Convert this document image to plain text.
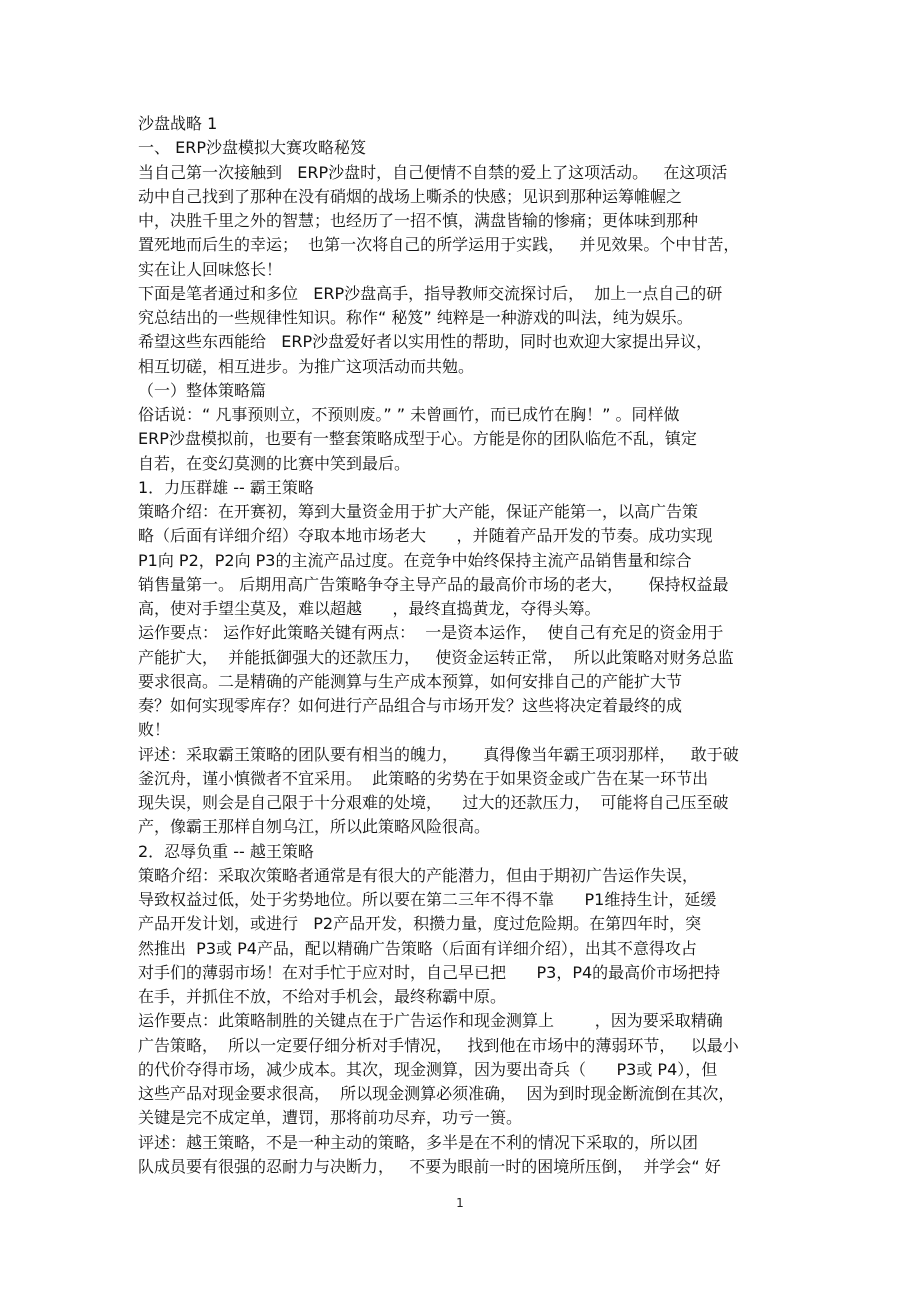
沙盘战略 1
一、 ERP沙盘模拟大赛攻略秘笈
当自己第一次接触到   ERP沙盘时，自己便情不自禁的爱上了这项活动。   在这项活
动中自己找到了那种在没有硝烟的战场上嘶杀的快感；见识到那种运筹帷幄之
中，决胜千里之外的智慧；也经历了一招不慎，满盘皆输的惨痛；更体味到那种
置死地而后生的幸运；  也第一次将自己的所学运用于实践，   并见效果。个中甘苦，
实在让人回味悠长！
下面是笔者通过和多位   ERP沙盘高手，指导教师交流探讨后，  加上一点自己的研
究总结出的一些规律性知识。称作“ 秘笈” 纯粹是一种游戏的叫法，纯为娱乐。
希望这些东西能给   ERP沙盘爱好者以实用性的帮助，同时也欢迎大家提出异议，
相互切磋，相互进步。为推广这项活动而共勉。
（一）整体策略篇
俗话说：“ 凡事预则立，不预则废。” ” 未曾画竹，而已成竹在胸！” 。同样做
ERP沙盘模拟前，也要有一整套策略成型于心。方能是你的团队临危不乱，镇定
自若，在变幻莫测的比赛中笑到最后。
1．力压群雄 -- 霸王策略
策略介绍：在开赛初，筹到大量资金用于扩大产能，保证产能第一，以高广告策
略（后面有详细介绍）夺取本地市场老大      ，并随着产品开发的节奏。成功实现
P1向 P2，P2向 P3的主流产品过度。在竞争中始终保持主流产品销售量和综合
销售量第一。 后期用高广告策略争夺主导产品的最高价市场的老大，     保持权益最
高，使对手望尘莫及，难以超越      ，最终直捣黄龙，夺得头筹。
运作要点： 运作好此策略关键有两点：  一是资本运作，  使自己有充足的资金用于
产能扩大，  并能抵御强大的还款压力，   使资金运转正常，  所以此策略对财务总监
要求很高。二是精确的产能测算与生产成本预算，如何安排自己的产能扩大节
奏？如何实现零库存？如何进行产品组合与市场开发？这些将决定着最终的成
败！
评述：采取霸王策略的团队要有相当的魄力，     真得像当年霸王项羽那样，   敢于破
釜沉舟，谨小慎微者不宜采用。  此策略的劣势在于如果资金或广告在某一环节出
现失误，则会是自己限于十分艰难的处境，    过大的还款压力，  可能将自己压至破
产，像霸王那样自刎乌江，所以此策略风险很高。
2．忍辱负重 -- 越王策略
策略介绍：采取次策略者通常是有很大的产能潜力，但由于期初广告运作失误，
导致权益过低，处于劣势地位。所以要在第二三年不得不靠      P1维持生计，延缓
产品开发计划，或进行   P2产品开发，积攒力量，度过危险期。在第四年时，突
然推出  P3或 P4产品，配以精确广告策略（后面有详细介绍），出其不意得攻占
对手们的薄弱市场！在对手忙于应对时，自己早已把      P3，P4的最高价市场把持
在手，并抓住不放，不给对手机会，最终称霸中原。
运作要点：此策略制胜的关键点在于广告运作和现金测算上        ，因为要采取精确
广告策略，  所以一定要仔细分析对手情况，   找到他在市场中的薄弱环节，   以最小
的代价夺得市场，减少成本。其次，现金测算，因为要出奇兵（      P3或 P4），但
这些产品对现金要求很高，  所以现金测算必须准确，  因为到时现金断流倒在其次，
关键是完不成定单，遭罚，那将前功尽弃，功亏一篑。
评述：越王策略，不是一种主动的策略，多半是在不利的情况下采取的，所以团
队成员要有很强的忍耐力与决断力，   不要为眼前一时的困境所压倒，  并学会“ 好
1
